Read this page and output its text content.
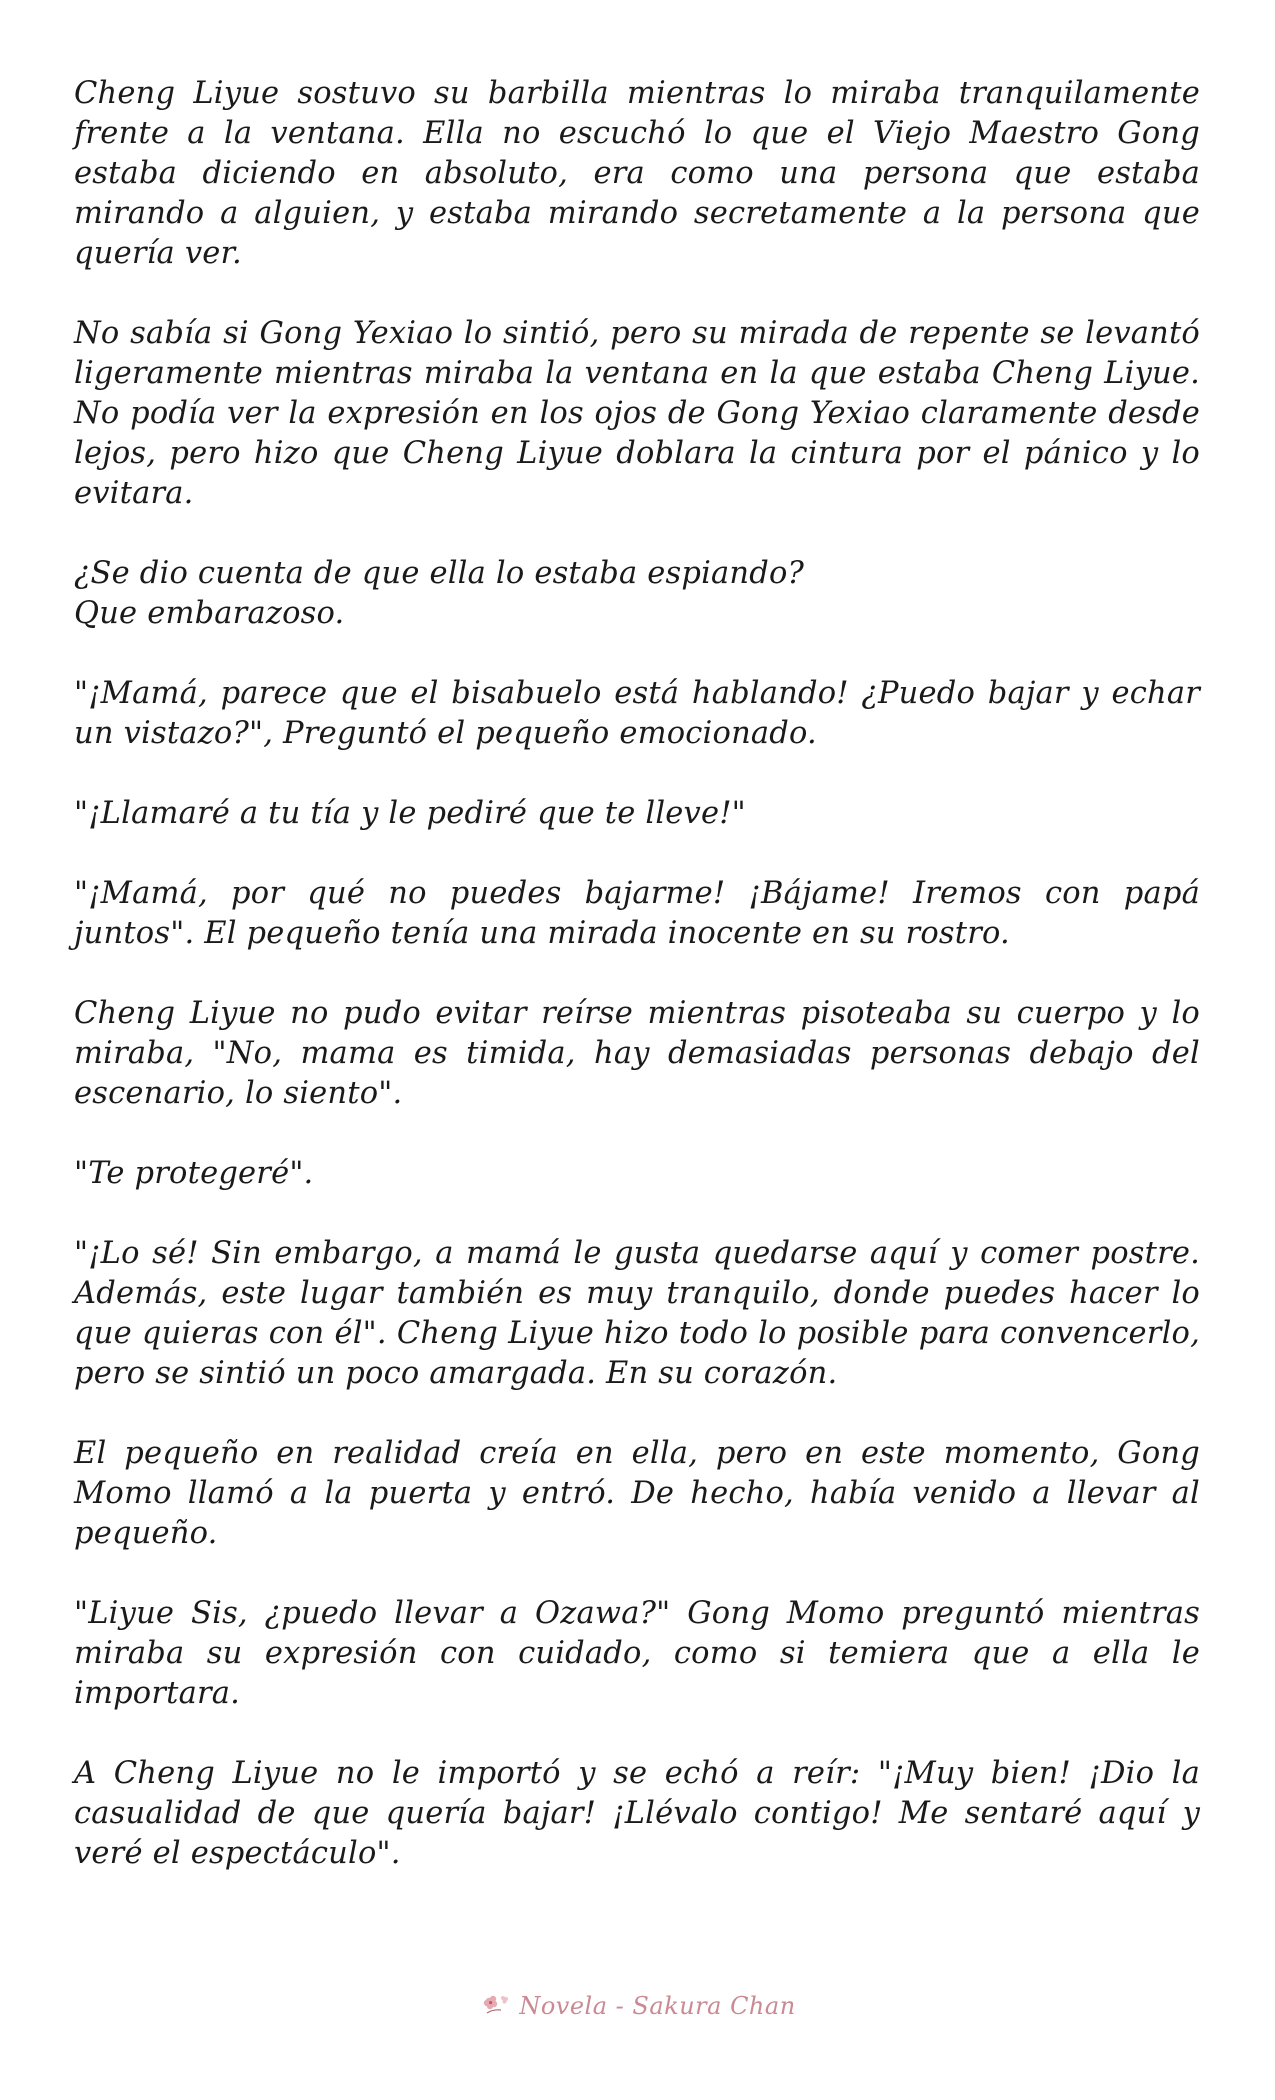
Cheng Liyue sostuvo su barbilla mientras lo miraba tranquilamente frente a la ventana. Ella no escuchó lo que el Viejo Maestro Gong estaba diciendo en absoluto, era como una persona que estaba mirando a alguien, y estaba mirando secretamente a la persona que quería ver.

No sabía si Gong Yexiao lo sintió, pero su mirada de repente se levantó ligeramente mientras miraba la ventana en la que estaba Cheng Liyue. No podía ver la expresión en los ojos de Gong Yexiao claramente desde lejos, pero hizo que Cheng Liyue doblara la cintura por el pánico y lo evitara.

¿Se dio cuenta de que ella lo estaba espiando?
Que embarazoso.

"¡Mamá, parece que el bisabuelo está hablando! ¿Puedo bajar y echar un vistazo?", Preguntó el pequeño emocionado.

"¡Llamaré a tu tía y le pediré que te lleve!"

"¡Mamá, por qué no puedes bajarme! ¡Bájame! Iremos con papá juntos". El pequeño tenía una mirada inocente en su rostro.

Cheng Liyue no pudo evitar reírse mientras pisoteaba su cuerpo y lo miraba, "No, mama es timida, hay demasiadas personas debajo del escenario, lo siento".

"Te protegeré".

"¡Lo sé! Sin embargo, a mamá le gusta quedarse aquí y comer postre. Además, este lugar también es muy tranquilo, donde puedes hacer lo que quieras con él". Cheng Liyue hizo todo lo posible para convencerlo, pero se sintió un poco amargada. En su corazón.

El pequeño en realidad creía en ella, pero en este momento, Gong Momo llamó a la puerta y entró. De hecho, había venido a llevar al pequeño.

"Liyue Sis, ¿puedo llevar a Ozawa?" Gong Momo preguntó mientras miraba su expresión con cuidado, como si temiera que a ella le importara.

A Cheng Liyue no le importó y se echó a reír: "¡Muy bien! ¡Dio la casualidad de que quería bajar! ¡Llévalo contigo! Me sentaré aquí y veré el espectáculo".

Novela - Sakura Chan
